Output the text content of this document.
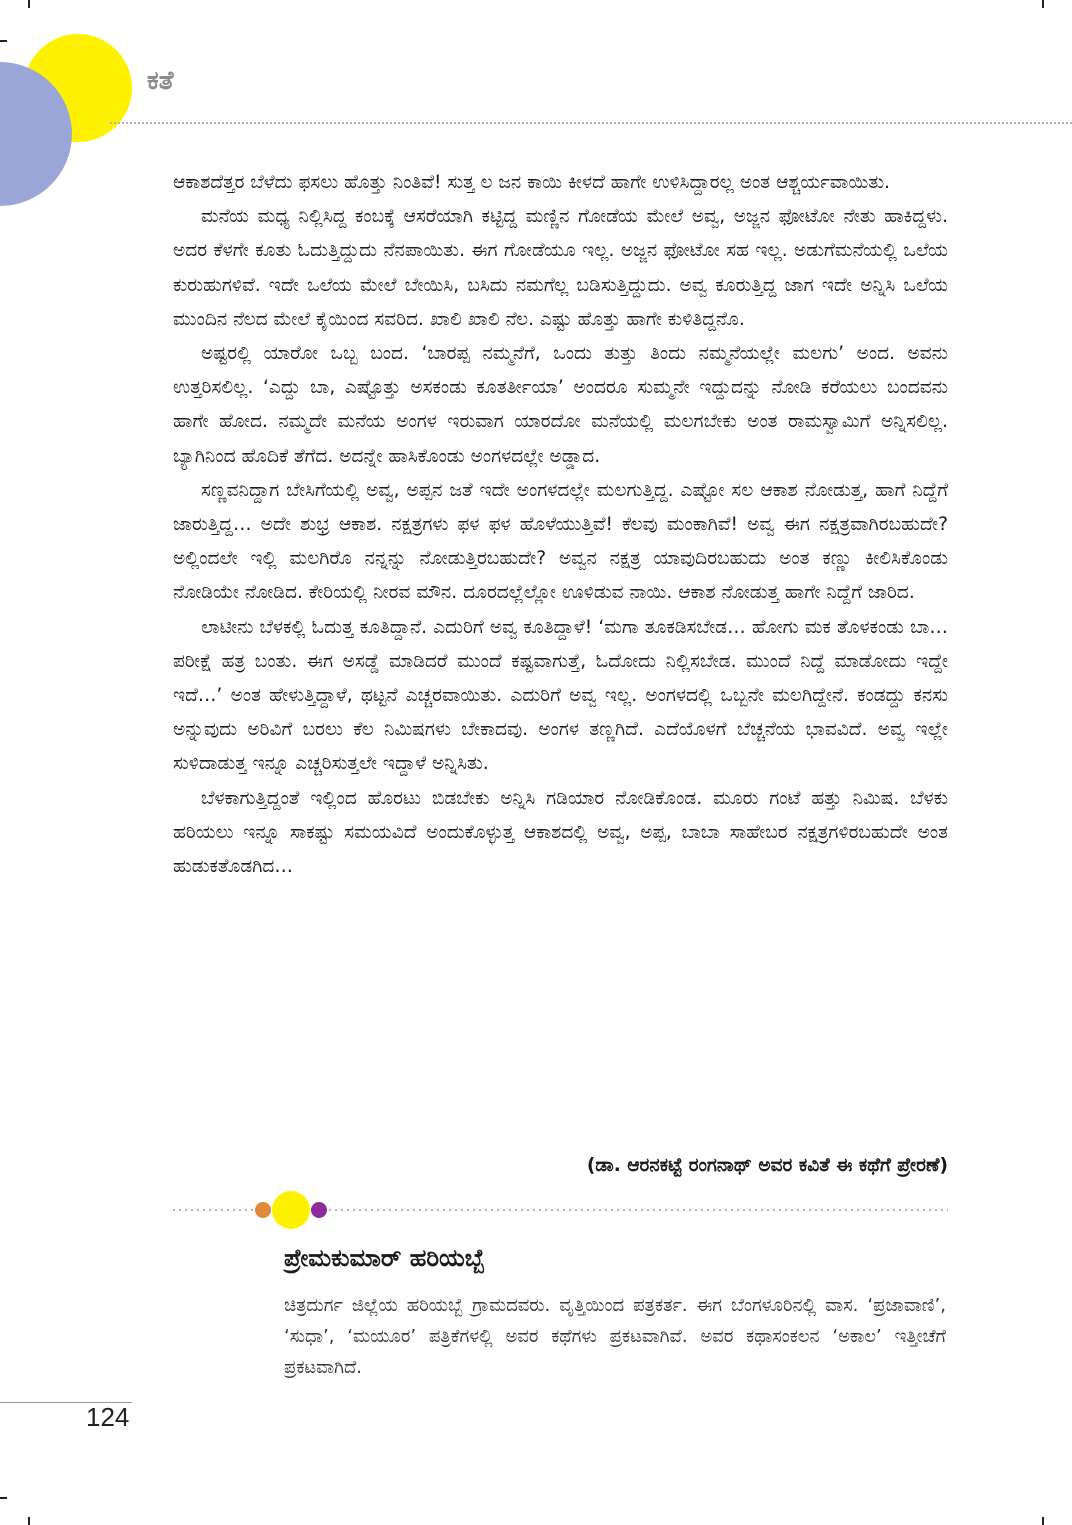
ಕತೆ

ಆಕಾಶದೆತ್ತರ ಬೆಳೆದು ಫಸಲು ಹೊತ್ತು ನಿಂತಿವೆ! ಸುತ್ತ ಲ ಜನ ಕಾಯಿ ಕೀಳದೆ ಹಾಗೇ ಉಳಿಸಿದ್ದಾರಲ್ಲ ಅಂತ ಆಶ್ಚರ್ಯವಾಯಿತು.

ಮನೆಯ ಮಧ್ಯ ನಿಲ್ಲಿಸಿದ್ದ ಕಂಬಕ್ಕೆ ಆಸರೆಯಾಗಿ ಕಟ್ಟಿದ್ದ ಮಣ್ಣಿನ ಗೋಡೆಯ ಮೇಲೆ ಅವ್ವ, ಅಜ್ಜನ ಫೋಟೋ ನೇತು ಹಾಕಿದ್ದಳು. ಅದರ ಕೆಳಗೇ ಕೂತು ಓದುತ್ತಿದ್ದುದು ನೆನಪಾಯಿತು. ಈಗ ಗೋಡೆಯೂ ಇಲ್ಲ. ಅಜ್ಜನ ಫೋಟೋ ಸಹ ಇಲ್ಲ. ಅಡುಗೆಮನೆಯಲ್ಲಿ ಒಲೆಯ ಕುರುಹುಗಳಿವೆ. ಇದೇ ಒಲೆಯ ಮೇಲೆ ಬೇಯಿಸಿ, ಬಸಿದು ನಮಗೆಲ್ಲ ಬಡಿಸುತ್ತಿದ್ದುದು. ಅವ್ವ ಕೂರುತ್ತಿದ್ದ ಜಾಗ ಇದೇ ಅನ್ನಿಸಿ ಒಲೆಯ ಮುಂದಿನ ನೆಲದ ಮೇಲೆ ಕೈಯಿಂದ ಸವರಿದ. ಖಾಲಿ ಖಾಲಿ ನೆಲ. ಎಷ್ಟು ಹೊತ್ತು ಹಾಗೇ ಕುಳಿತಿದ್ದನೊ.

ಅಷ್ಟರಲ್ಲಿ ಯಾರೋ ಒಬ್ಬ ಬಂದ. ‘ಬಾರಪ್ಪ ನಮ್ಮನೆಗೆ, ಒಂದು ತುತ್ತು ತಿಂದು ನಮ್ಮನೆಯಲ್ಲೇ ಮಲಗು’ ಅಂದ. ಅವನು ಉತ್ತರಿಸಲಿಲ್ಲ. ‘ಎದ್ದು ಬಾ, ಎಷ್ಟೊತ್ತು ಅಸಕಂಡು ಕೂತರ್ತೀಯಾ’ ಅಂದರೂ ಸುಮ್ಮನೇ ಇದ್ದುದನ್ನು ನೋಡಿ ಕರೆಯಲು ಬಂದವನು ಹಾಗೇ ಹೋದ. ನಮ್ಮದೇ ಮನೆಯ ಅಂಗಳ ಇರುವಾಗ ಯಾರದೋ ಮನೆಯಲ್ಲಿ ಮಲಗಬೇಕು ಅಂತ ರಾಮಸ್ವಾಮಿಗೆ ಅನ್ನಿಸಲಿಲ್ಲ. ಬ್ಯಾಗಿನಿಂದ ಹೊದಿಕೆ ತೆಗೆದ. ಅದನ್ನೇ ಹಾಸಿಕೊಂಡು ಅಂಗಳದಲ್ಲೇ ಅಡ್ಡಾದ.

ಸಣ್ಣವನಿದ್ದಾಗ ಬೇಸಿಗೆಯಲ್ಲಿ ಅವ್ವ, ಅಪ್ಪನ ಜತೆ ಇದೇ ಅಂಗಳದಲ್ಲೇ ಮಲಗುತ್ತಿದ್ದ. ಎಷ್ಟೋ ಸಲ ಆಕಾಶ ನೋಡುತ್ತ, ಹಾಗೆ ನಿದ್ದೆಗೆ ಜಾರುತ್ತಿದ್ದ… ಅದೇ ಶುಭ್ರ ಆಕಾಶ. ನಕ್ಷತ್ರಗಳು ಫಳ ಫಳ ಹೊಳೆಯುತ್ತಿವೆ! ಕೆಲವು ಮಂಕಾಗಿವೆ! ಅವ್ವ ಈಗ ನಕ್ಷತ್ರವಾಗಿರಬಹುದೇ? ಅಲ್ಲಿಂದಲೇ ಇಲ್ಲಿ ಮಲಗಿರೊ ನನ್ನನ್ನು ನೋಡುತ್ತಿರಬಹುದೇ? ಅವ್ವನ ನಕ್ಷತ್ರ ಯಾವುದಿರಬಹುದು ಅಂತ ಕಣ್ಣು ಕೀಲಿಸಿಕೊಂಡು ನೋಡಿಯೇ ನೋಡಿದ. ಕೇರಿಯಲ್ಲಿ ನೀರವ ಮೌನ. ದೂರದಲ್ಲೆಲ್ಲೋ ಊಳಿಡುವ ನಾಯಿ. ಆಕಾಶ ನೋಡುತ್ತ ಹಾಗೇ ನಿದ್ದೆಗೆ ಜಾರಿದ.

ಲಾಟೀನು ಬೆಳಕಲ್ಲಿ ಓದುತ್ತ ಕೂತಿದ್ದಾನೆ. ಎದುರಿಗೆ ಅವ್ವ ಕೂತಿದ್ದಾಳೆ! ‘ಮಗಾ ತೂಕಡಿಸಬೇಡ… ಹೋಗು ಮಕ ತೊಳಕಂಡು ಬಾ… ಪರೀಕ್ಷೆ ಹತ್ರ ಬಂತು. ಈಗ ಅಸಡ್ಡೆ ಮಾಡಿದರೆ ಮುಂದೆ ಕಷ್ಟವಾಗುತ್ತೆ, ಓದೋದು ನಿಲ್ಲಿಸಬೇಡ. ಮುಂದೆ ನಿದ್ದೆ ಮಾಡೋದು ಇದ್ದೇ ಇದೆ…’ ಅಂತ ಹೇಳುತ್ತಿದ್ದಾಳೆ, ಥಟ್ಟನೆ ಎಚ್ಚರವಾಯಿತು. ಎದುರಿಗೆ ಅವ್ವ ಇಲ್ಲ. ಅಂಗಳದಲ್ಲಿ ಒಬ್ಬನೇ ಮಲಗಿದ್ದೇನೆ. ಕಂಡದ್ದು ಕನಸು ಅನ್ನುವುದು ಅರಿವಿಗೆ ಬರಲು ಕೆಲ ನಿಮಿಷಗಳು ಬೇಕಾದವು. ಅಂಗಳ ತಣ್ಣಗಿದೆ. ಎದೆಯೊಳಗೆ ಬೆಚ್ಚನೆಯ ಭಾವವಿದೆ. ಅವ್ವ ಇಲ್ಲೇ ಸುಳಿದಾಡುತ್ತ ಇನ್ನೂ ಎಚ್ಚರಿಸುತ್ತಲೇ ಇದ್ದಾಳೆ ಅನ್ನಿಸಿತು.

ಬೆಳಕಾಗುತ್ತಿದ್ದಂತೆ ಇಲ್ಲಿಂದ ಹೊರಟು ಬಿಡಬೇಕು ಅನ್ನಿಸಿ ಗಡಿಯಾರ ನೋಡಿಕೊಂಡ. ಮೂರು ಗಂಟೆ ಹತ್ತು ನಿಮಿಷ. ಬೆಳಕು ಹರಿಯಲು ಇನ್ನೂ ಸಾಕಷ್ಟು ಸಮಯವಿದೆ ಅಂದುಕೊಳ್ಳುತ್ತ ಆಕಾಶದಲ್ಲಿ ಅವ್ವ, ಅಪ್ಪ, ಬಾಬಾ ಸಾಹೇಬರ ನಕ್ಷತ್ರಗಳಿರಬಹುದೇ ಅಂತ ಹುಡುಕತೊಡಗಿದ…

(ಡಾ. ಆರನಕಟ್ಟೆ ರಂಗನಾಥ್ ಅವರ ಕವಿತೆ ಈ ಕಥೆಗೆ ಪ್ರೇರಣೆ)
ಪ್ರೇಮಕುಮಾರ್ ಹರಿಯಬ್ಬೆ
ಚಿತ್ರದುರ್ಗ ಜಿಲ್ಲೆಯ ಹರಿಯಬ್ಬೆ ಗ್ರಾಮದವರು. ವೃತ್ತಿಯಿಂದ ಪತ್ರಕರ್ತ. ಈಗ ಬೆಂಗಳೂರಿನಲ್ಲಿ ವಾಸ. ‘ಪ್ರಜಾವಾಣಿ’, ‘ಸುಧಾ’, ‘ಮಯೂರ’ ಪತ್ರಿಕೆಗಳಲ್ಲಿ ಅವರ ಕಥೆಗಳು ಪ್ರಕಟವಾಗಿವೆ. ಅವರ ಕಥಾಸಂಕಲನ ‘ಅಕಾಲ’ ಇತ್ತೀಚೆಗೆ ಪ್ರಕಟವಾಗಿದೆ.
124
